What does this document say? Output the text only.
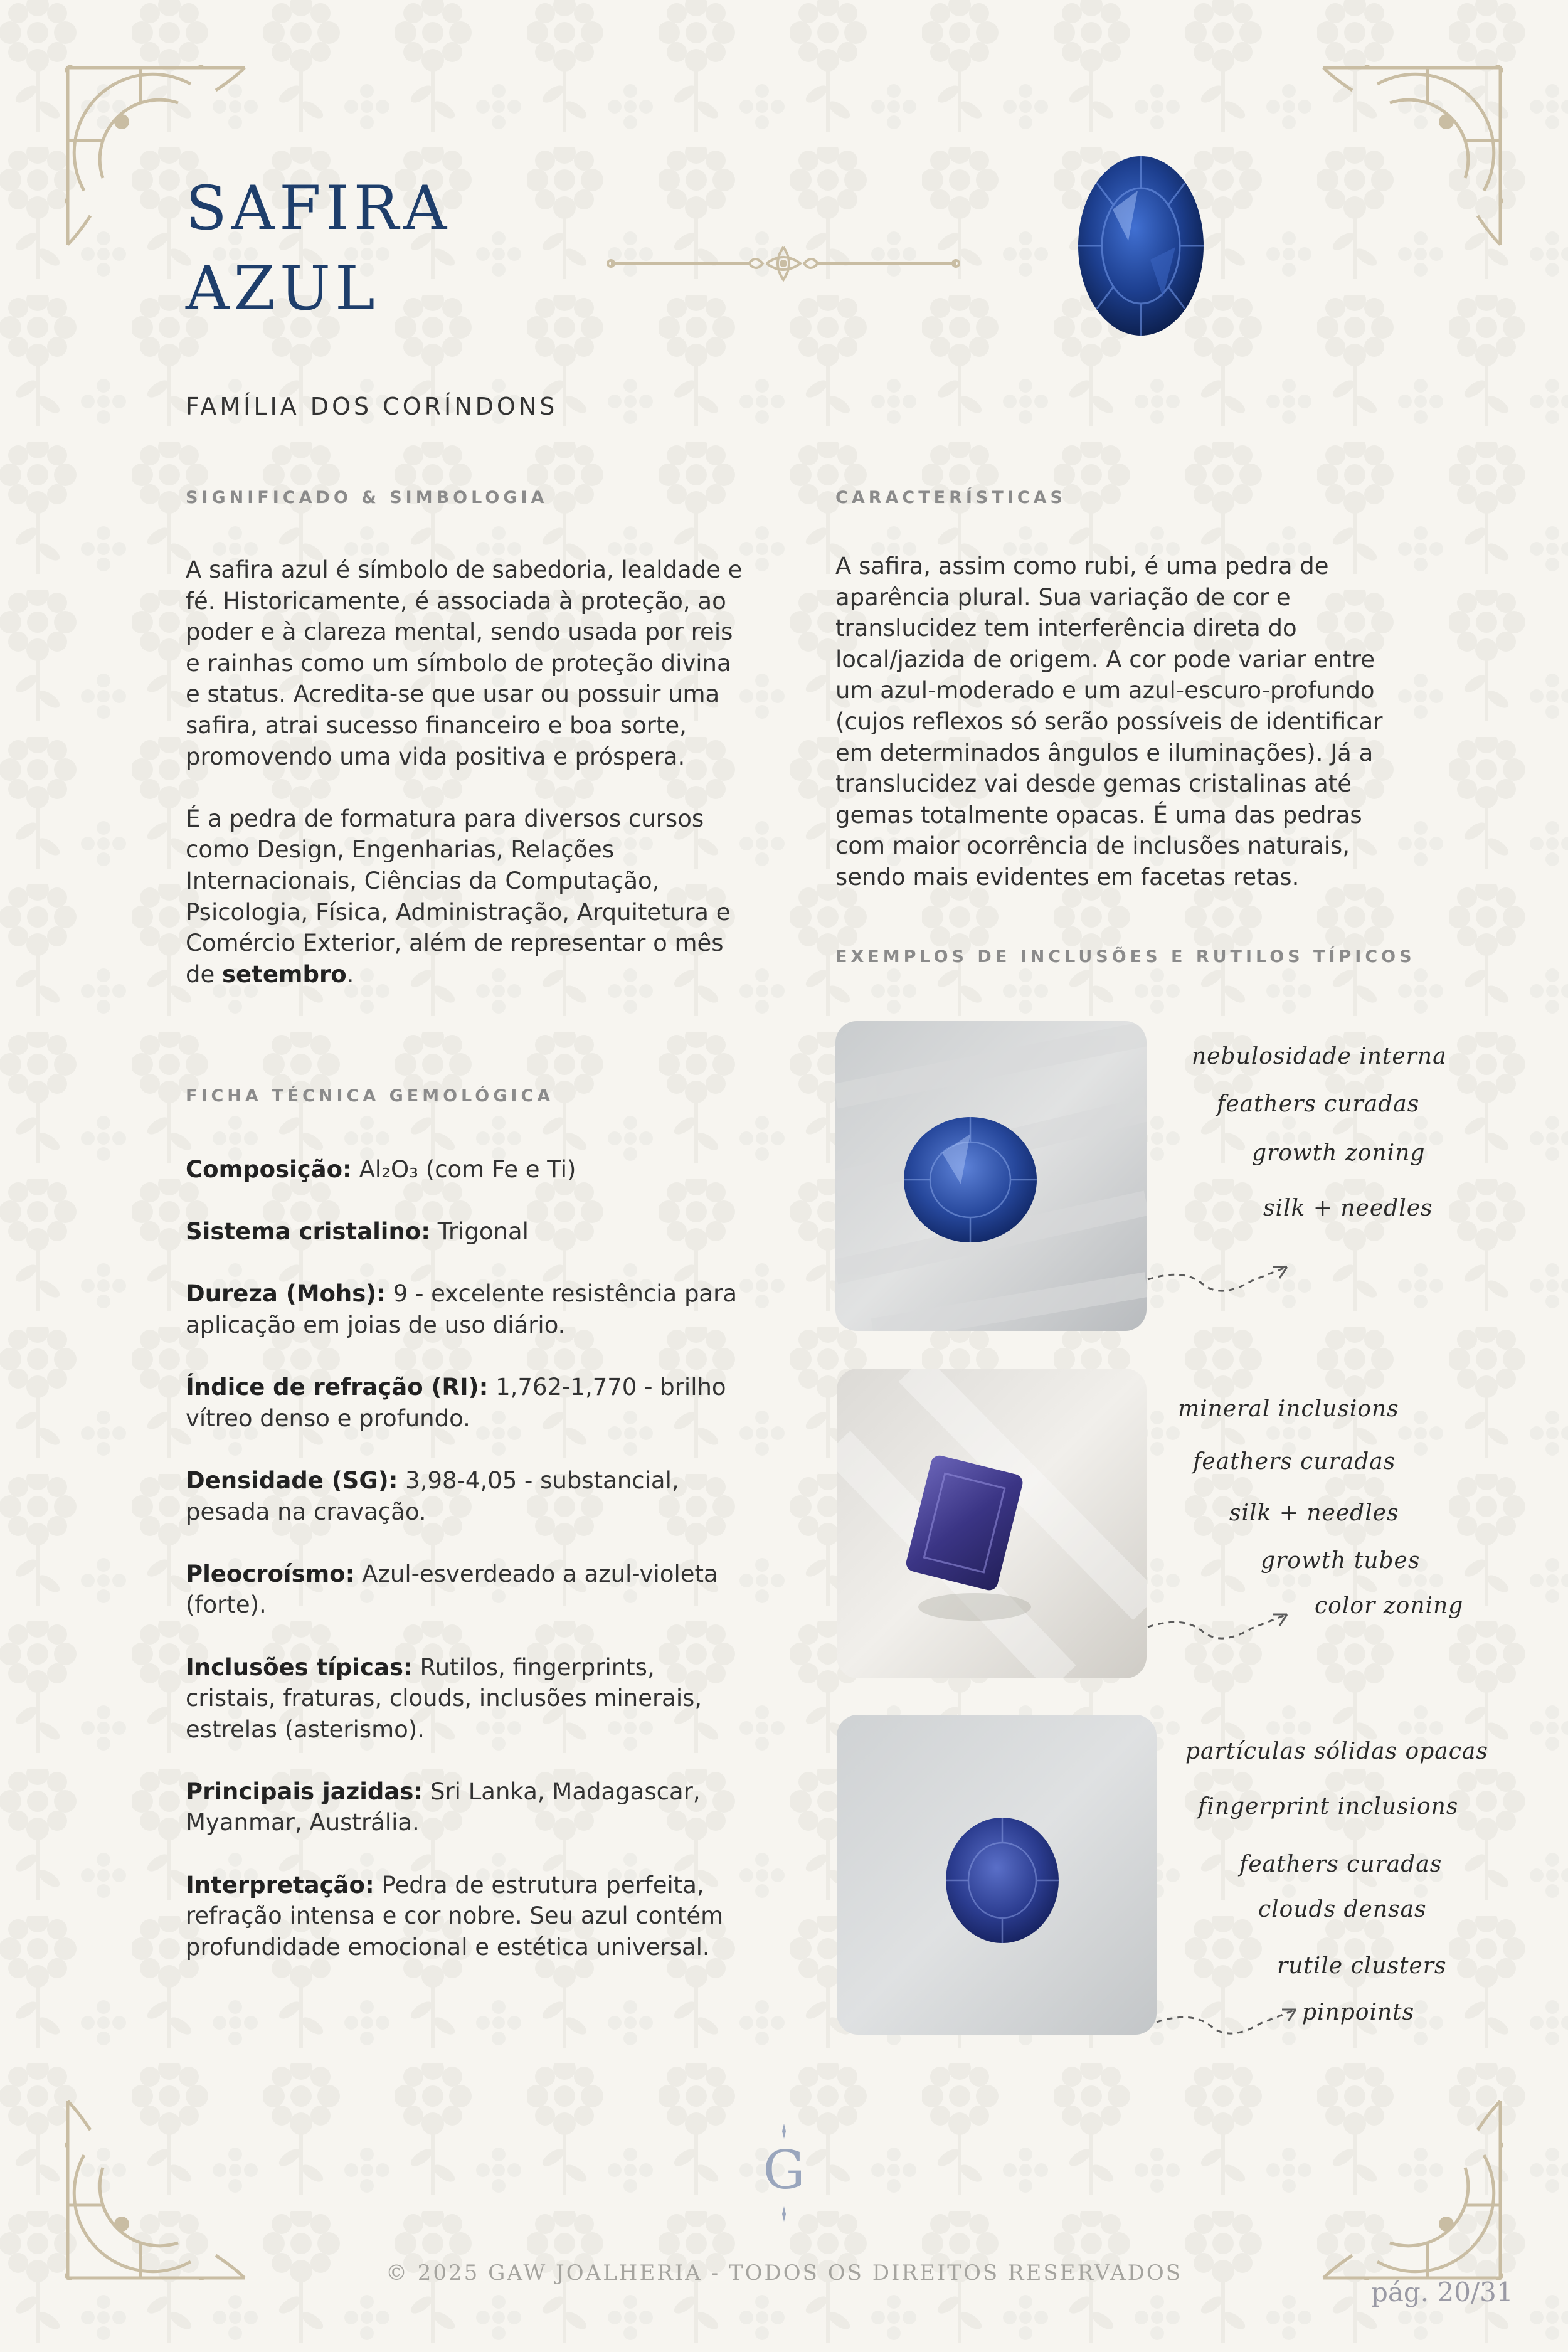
SAFIRA
AZUL
FAMÍLIA DOS CORÍNDONS
SIGNIFICADO & SIMBOLOGIA

A safira azul é símbolo de sabedoria, lealdade e fé. Historicamente, é associada à proteção, ao poder e à clareza mental, sendo usada por reis e rainhas como um símbolo de proteção divina e status. Acredita-se que usar ou possuir uma safira, atrai sucesso financeiro e boa sorte, promovendo uma vida positiva e próspera.

É a pedra de formatura para diversos cursos como Design, Engenharias, Relações Internacionais, Ciências da Computação, Psicologia, Física, Administração, Arquitetura e Comércio Exterior, além de representar o mês de setembro.

FICHA TÉCNICA GEMOLÓGICA
Composição: Al₂O₃ (com Fe e Ti)
Sistema cristalino: Trigonal
Dureza (Mohs): 9 - excelente resistência para aplicação em joias de uso diário.
Índice de refração (RI): 1,762-1,770 - brilho vítreo denso e profundo.
Densidade (SG): 3,98-4,05 - substancial, pesada na cravação.
Pleocroísmo: Azul-esverdeado a azul-violeta (forte).
Inclusões típicas: Rutilos, fingerprints, cristais, fraturas, clouds, inclusões minerais, estrelas (asterismo).
Principais jazidas: Sri Lanka, Madagascar, Myanmar, Austrália.
Interpretação: Pedra de estrutura perfeita, refração intensa e cor nobre. Seu azul contém profundidade emocional e estética universal.
CARACTERÍSTICAS
A safira, assim como rubi, é uma pedra de aparência plural. Sua variação de cor e translucidez tem interferência direta do local/jazida de origem. A cor pode variar entre um azul-moderado e um azul-escuro-profundo (cujos reflexos só serão possíveis de identificar em determinados ângulos e iluminações). Já a translucidez vai desde gemas cristalinas até gemas totalmente opacas. É uma das pedras com maior ocorrência de inclusões naturais, sendo mais evidentes em facetas retas.
EXEMPLOS DE INCLUSÕES E RUTILOS TÍPICOS
nebulosidade interna
feathers curadas
growth zoning
silk + needles
mineral inclusions
feathers curadas
silk + needles
growth tubes
color zoning
partículas sólidas opacas
fingerprint inclusions
feathers curadas
clouds densas
rutile clusters
pinpoints
G
© 2025 GAW JOALHERIA - TODOS OS DIREITOS RESERVADOS
pág. 20/31
